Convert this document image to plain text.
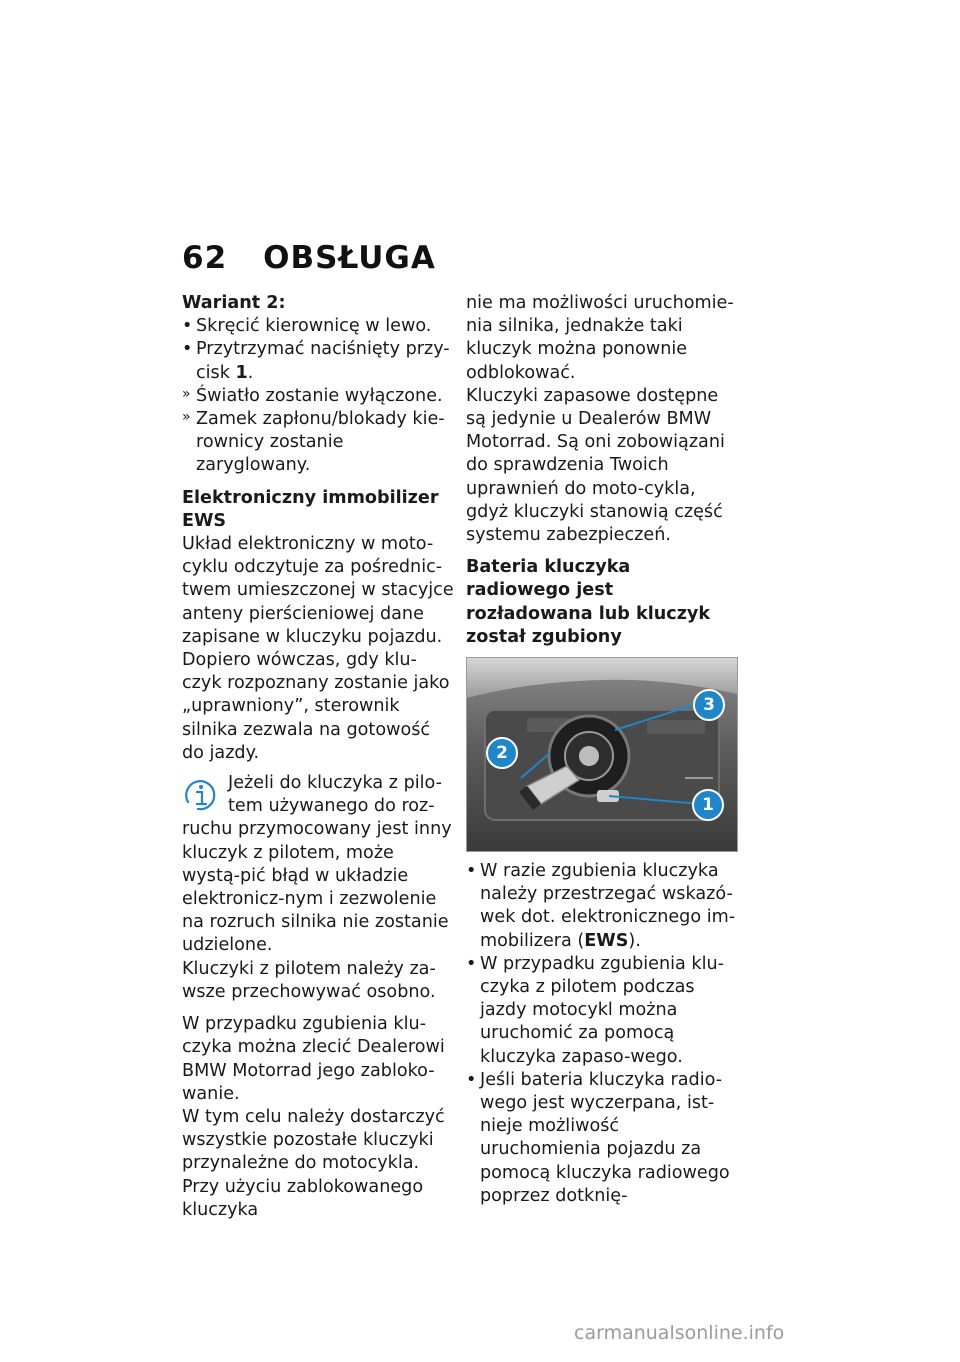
62 OBSŁUGA

Wariant 2:

• Skręcić kierownicę w lewo.

• Przytrzymać naciśnięty przy-cisk 1.

» Światło zostanie wyłączone.

» Zamek zapłonu/blokady kie-rownicy zostanie zaryglowany.

Elektroniczny immobilizer EWS

Układ elektroniczny w moto-cyklu odczytuje za pośrednic-twem umieszczonej w stacyjce anteny pierścieniowej dane zapisane w kluczyku pojazdu. Dopiero wówczas, gdy klu-czyk rozpoznany zostanie jako „uprawniony”, sterownik silnika zezwala na gotowość do jazdy.

Jeżeli do kluczyka z pilo-tem używanego do roz-ruchu przymocowany jest inny kluczyk z pilotem, może wystą-pić błąd w układzie elektronicz-nym i zezwolenie na rozruch silnika nie zostanie udzielone.

Kluczyki z pilotem należy za-wsze przechowywać osobno.

W przypadku zgubienia klu-czyka można zlecić Dealerowi BMW Motorrad jego zabloko-wanie.

W tym celu należy dostarczyć wszystkie pozostałe kluczyki przynależne do motocykla. Przy użyciu zablokowanego kluczyka

nie ma możliwości uruchomie-nia silnika, jednakże taki kluczyk można ponownie odblokować.

Kluczyki zapasowe dostępne są jedynie u Dealerów BMW Motorrad. Są oni zobowiązani do sprawdzenia Twoich uprawnień do moto-cykla, gdyż kluczyki stanowią część systemu zabezpieczeń.

Bateria kluczyka radiowego jest rozładowana lub kluczyk został zgubiony

3
2
1

• W razie zgubienia kluczyka należy przestrzegać wskazó-wek dot. elektronicznego im-mobilizera (EWS).

• W przypadku zgubienia klu-czyka z pilotem podczas jazdy motocykl można uruchomić za pomocą kluczyka zapaso-wego.

• Jeśli bateria kluczyka radio-wego jest wyczerpana, ist-nieje możliwość uruchomienia pojazdu za pomocą kluczyka radiowego poprzez dotknię-

carmanualsonline.info
